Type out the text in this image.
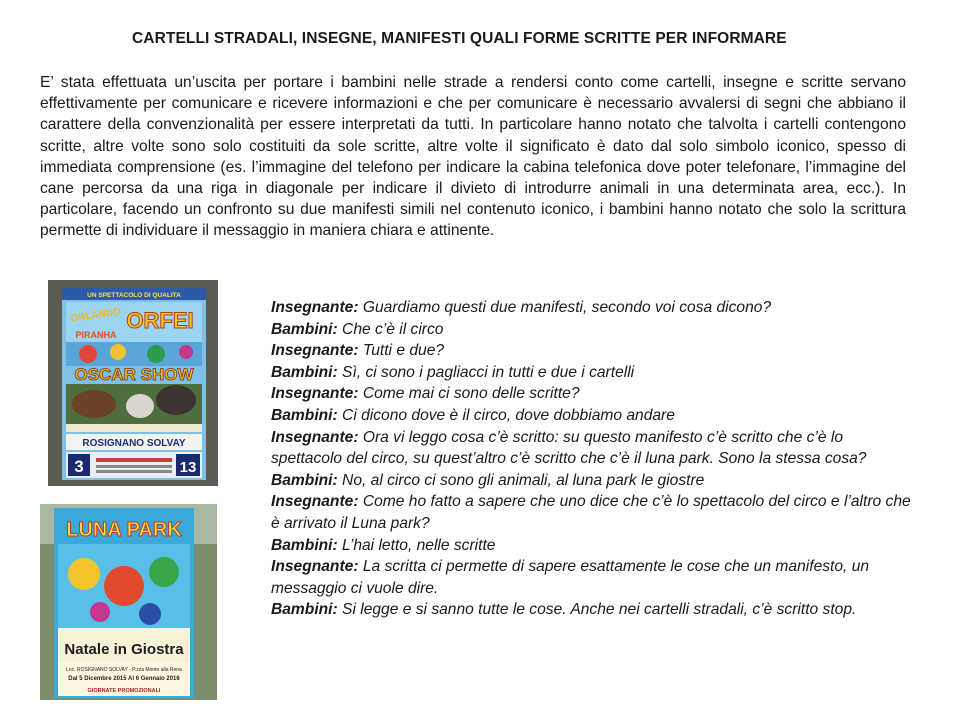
CARTELLI STRADALI, INSEGNE, MANIFESTI QUALI FORME SCRITTE PER INFORMARE
E’ stata effettuata un’uscita per portare i bambini nelle strade a rendersi conto come cartelli, insegne e scritte servano effettivamente per comunicare e ricevere informazioni e che per comunicare è necessario avvalersi di segni che abbiano il carattere della convenzionalità per essere interpretati da tutti. In particolare hanno notato che talvolta i cartelli contengono scritte, altre volte sono solo costituiti da sole scritte, altre volte il significato è dato dal solo simbolo iconico, spesso di immediata comprensione (es. l’immagine del telefono per indicare la cabina telefonica dove poter telefonare, l’immagine del cane percorsa da una riga in diagonale per indicare il divieto di introdurre animali in una determinata area, ecc.). In particolare, facendo un confronto su due manifesti simili nel contenuto iconico, i bambini hanno notato che solo la scrittura permette di individuare il messaggio in maniera chiara e attinente.
UN SPETTACOLO DI QUALITA
ORLANDO ORFEI
PIRANHA
OSCAR SHOW
ROSIGNANO SOLVAY
3	13
LUNA PARK
Natale in Giostra
Loc. ROSIGNANO SOLVAY - P.zza Monte alla Rena
Dal 5 Dicembre 2015 Al 6 Gennaio 2016
GIORNATE PROMOZIONALI
Insegnante: Guardiamo questi due manifesti, secondo voi cosa dicono?
Bambini: Che c’è il circo
Insegnante: Tutti e due?
Bambini: Sì, ci sono i pagliacci in tutti e due i cartelli
Insegnante: Come mai ci sono delle scritte?
Bambini: Ci dicono dove è il circo, dove dobbiamo andare
Insegnante: Ora vi leggo cosa c’è scritto: su questo manifesto c’è scritto che c’è lo spettacolo del circo, su quest’altro c’è scritto che c’è il luna park. Sono la stessa cosa?
Bambini: No, al circo ci sono gli animali, al luna park le giostre
Insegnante: Come ho fatto a sapere che uno dice che c’è lo spettacolo del circo e l’altro che è arrivato il Luna park?
Bambini: L’hai letto, nelle scritte
Insegnante: La scritta ci permette di sapere esattamente le cose che un manifesto, un messaggio ci vuole dire.
Bambini: Si legge e si sanno tutte le cose. Anche nei cartelli stradali, c’è scritto stop.
